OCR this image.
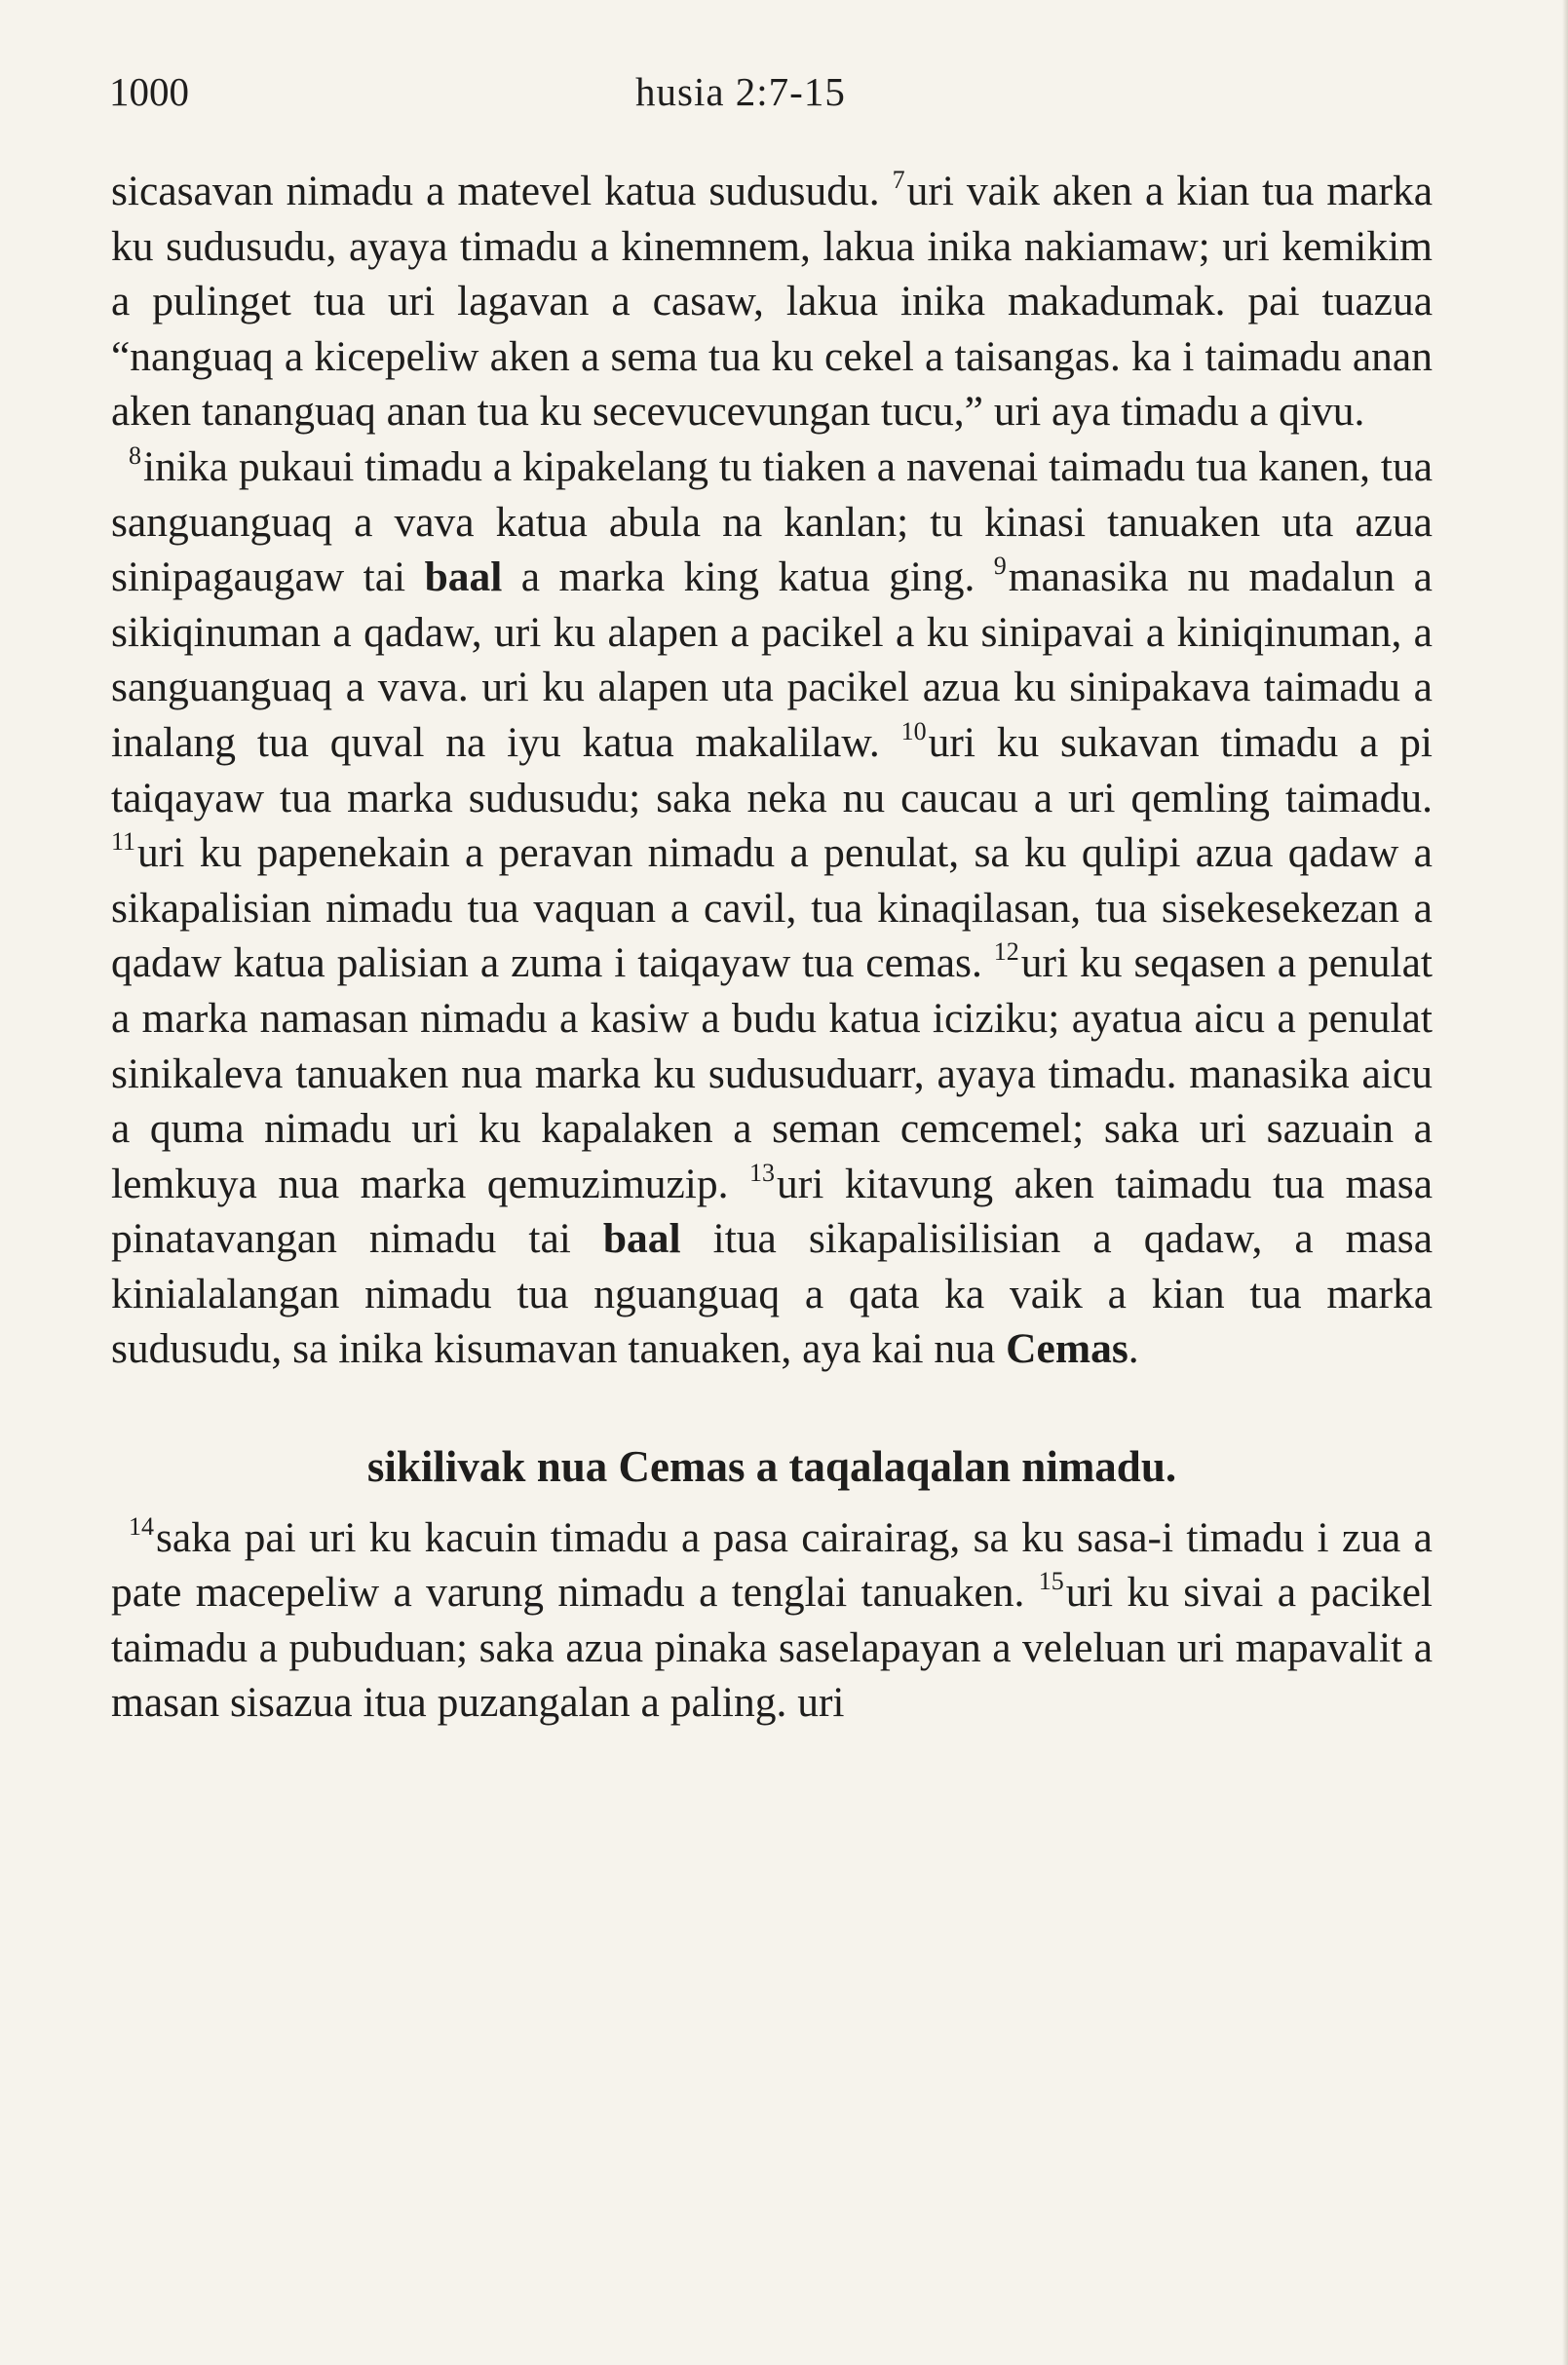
1000	husia 2:7-15

sicasavan nimadu a matevel katua sudusudu. $^7$uri vaik aken a kian tua marka ku sudusudu, ayaya timadu a kinemnem, lakua inika nakiamaw; uri kemikim a pulinget tua uri lagavan a casaw, lakua inika makadumak. pai tuazua “nanguaq a kicepeliw aken a sema tua ku cekel a taisangas. ka i taimadu anan aken tananguaq anan tua ku secevucevungan tucu,” uri aya timadu a qivu.

$^8$inika pukaui timadu a kipakelang tu tiaken a navenai taimadu tua kanen, tua sanguanguaq a vava katua abula na kanlan; tu kinasi tanuaken uta azua sinipagaugaw tai baal a marka king katua ging. $^9$manasika nu madalun a sikiqinuman a qadaw, uri ku alapen a pacikel a ku sinipavai a kiniqinuman, a sanguanguaq a vava. uri ku alapen uta pacikel azua ku sinipakava taimadu a inalang tua quval na iyu katua makalilaw. $^{10}$uri ku sukavan timadu a pi taiqayaw tua marka sudusudu; saka neka nu caucau a uri qemling taimadu. $^{11}$uri ku papenekain a peravan nimadu a penulat, sa ku qulipi azua qadaw a sikapalisian nimadu tua vaquan a cavil, tua kinaqilasan, tua sisekesekezan a qadaw katua palisian a zuma i taiqayaw tua cemas. $^{12}$uri ku seqasen a penulat a marka namasan nimadu a kasiw a budu katua iciziku; ayatua aicu a penulat sinikaleva tanuaken nua marka ku sudusuduarr, ayaya timadu. manasika aicu a quma nimadu uri ku kapalaken a seman cemcemel; saka uri sazuain a lemkuya nua marka qemuzimuzip. $^{13}$uri kitavung aken taimadu tua masa pinatavangan nimadu tai baal itua sikapalisilisian a qadaw, a masa kinialalangan nimadu tua nguanguaq a qata ka vaik a kian tua marka sudusudu, sa inika kisumavan tanuaken, aya kai nua Cemas.

sikilivak nua Cemas a taqalaqalan nimadu.

$^{14}$saka pai uri ku kacuin timadu a pasa cairairag, sa ku sasa-i timadu i zua a pate macepeliw a varung nimadu a tenglai tanuaken. $^{15}$uri ku sivai a pacikel taimadu a pubuduan; saka azua pinaka saselapayan a veleluan uri mapavalit a masan sisazua itua puzangalan a paling. uri
